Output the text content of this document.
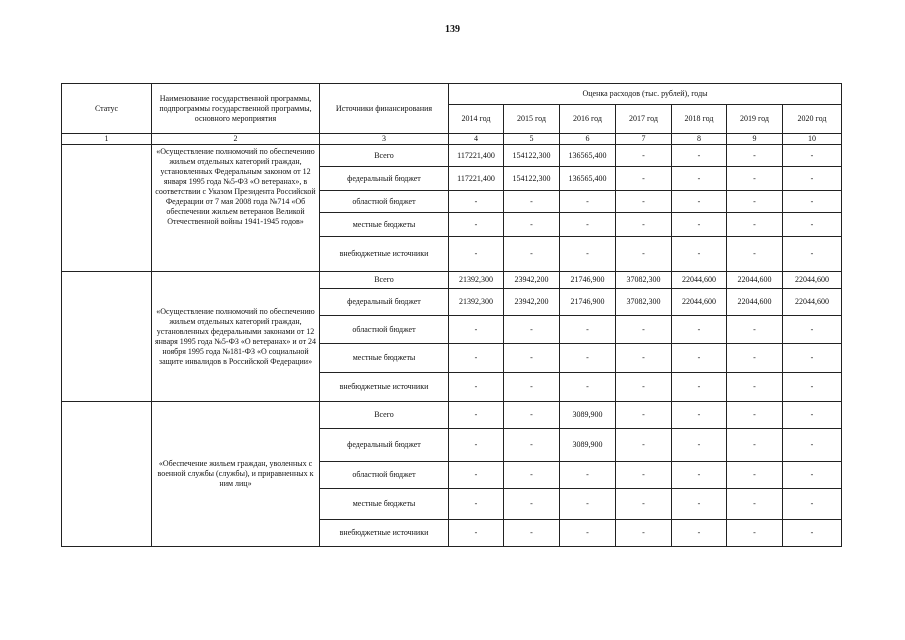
139
Статус	Наименование государственной программы, подпрограммы государственной программы, основного мероприятия	Источники финансирования	Оценка расходов (тыс. рублей), годы						
			2014 год	2015 год	2016 год	2017 год	2018 год	2019 год	2020 год
1	2	3	4	5	6	7	8	9	10
	«Осуществление полномочий по обеспечению жильем отдельных категорий граждан, установленных Федеральным законом от 12 января 1995 года №5-ФЗ «О ветеранах», в соответствии с Указом Президента Российской Федерации от 7 мая 2008 года №714 «Об обеспечении жильем ветеранов Великой Отечественной войны 1941-1945 годов»	Всего	117221,400	154122,300	136565,400	-	-	-	-
		федеральный бюджет	117221,400	154122,300	136565,400	-	-	-	-
		областной бюджет	-	-	-	-	-	-	-
		местные бюджеты	-	-	-	-	-	-	-
		внебюджетные источники	-	-	-	-	-	-	-
	«Осуществление полномочий по обеспечению жильем отдельных категорий граждан, установленных федеральными законами от 12 января 1995 года №5-ФЗ «О ветеранах» и от 24 ноября 1995 года №181-ФЗ «О социальной защите инвалидов в Российской Федерации»	Всего	21392,300	23942,200	21746,900	37082,300	22044,600	22044,600	22044,600
		федеральный бюджет	21392,300	23942,200	21746,900	37082,300	22044,600	22044,600	22044,600
		областной бюджет	-	-	-	-	-	-	-
		местные бюджеты	-	-	-	-	-	-	-
		внебюджетные источники	-	-	-	-	-	-	-
	«Обеспечение жильем граждан, уволенных с военной службы (службы), и приравненных к ним лиц»	Всего	-	-	3089,900	-	-	-	-
		федеральный бюджет	-	-	3089,900	-	-	-	-
		областной бюджет	-	-	-	-	-	-	-
		местные бюджеты	-	-	-	-	-	-	-
		внебюджетные источники	-	-	-	-	-	-	-
